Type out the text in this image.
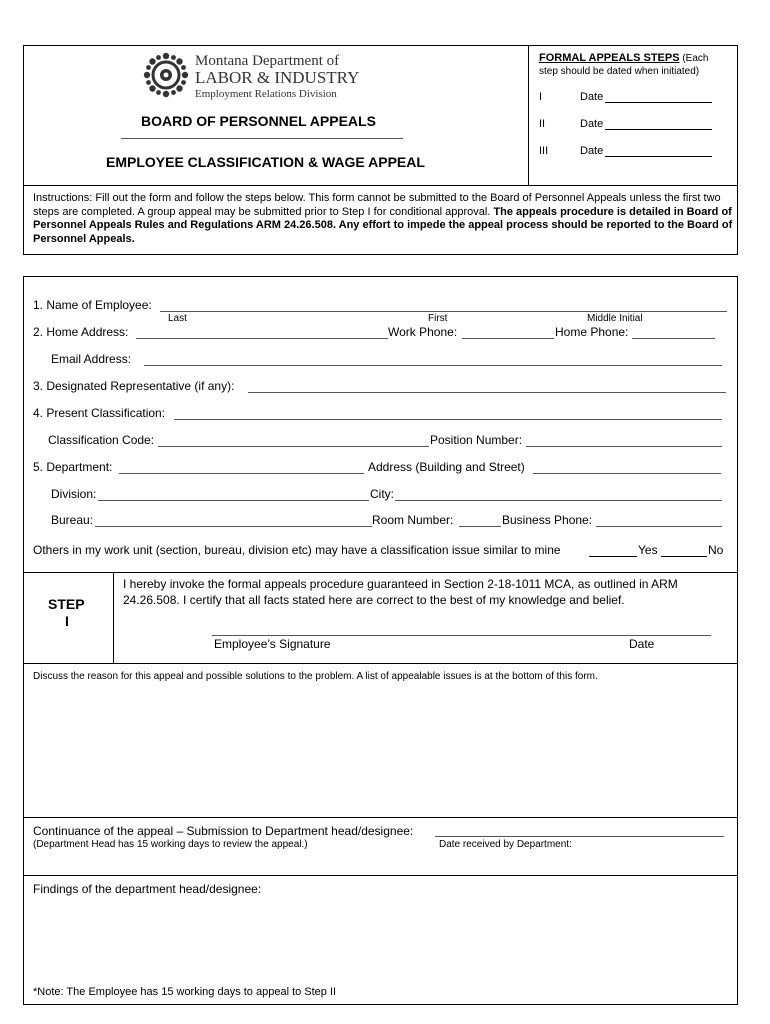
Montana Department of
LABOR & INDUSTRY
Employment Relations Division
BOARD OF PERSONNEL APPEALS
EMPLOYEE CLASSIFICATION & WAGE APPEAL
FORMAL APPEALS STEPS (Each
step should be dated when initiated)
I	Date
II	Date
III	Date
Instructions: Fill out the form and follow the steps below. This form cannot be submitted to the Board of Personnel Appeals unless the first two steps are completed. A group appeal may be submitted prior to Step I for conditional approval. The appeals procedure is detailed in Board of Personnel Appeals Rules and Regulations ARM 24.26.508. Any effort to impede the appeal process should be reported to the Board of Personnel Appeals.
1. Name of Employee:
Last	First	Middle Initial
2. Home Address:	Work Phone:	Home Phone:
Email Address:
3. Designated Representative (if any):
4. Present Classification:
Classification Code:	Position Number:
5. Department:	Address (Building and Street)
Division:	City:
Bureau:	Room Number:	Business Phone:
Others in my work unit (section, bureau, division etc) may have a classification issue similar to mine	Yes	No
STEP
I
I hereby invoke the formal appeals procedure guaranteed in Section 2-18-1011 MCA, as outlined in ARM 24.26.508. I certify that all facts stated here are correct to the best of my knowledge and belief.
Employee’s Signature	Date
Discuss the reason for this appeal and possible solutions to the problem. A list of appealable issues is at the bottom of this form.
Continuance of the appeal – Submission to Department head/designee:
(Department Head has 15 working days to review the appeal.)	Date received by Department:
Findings of the department head/designee:
*Note: The Employee has 15 working days to appeal to Step II
